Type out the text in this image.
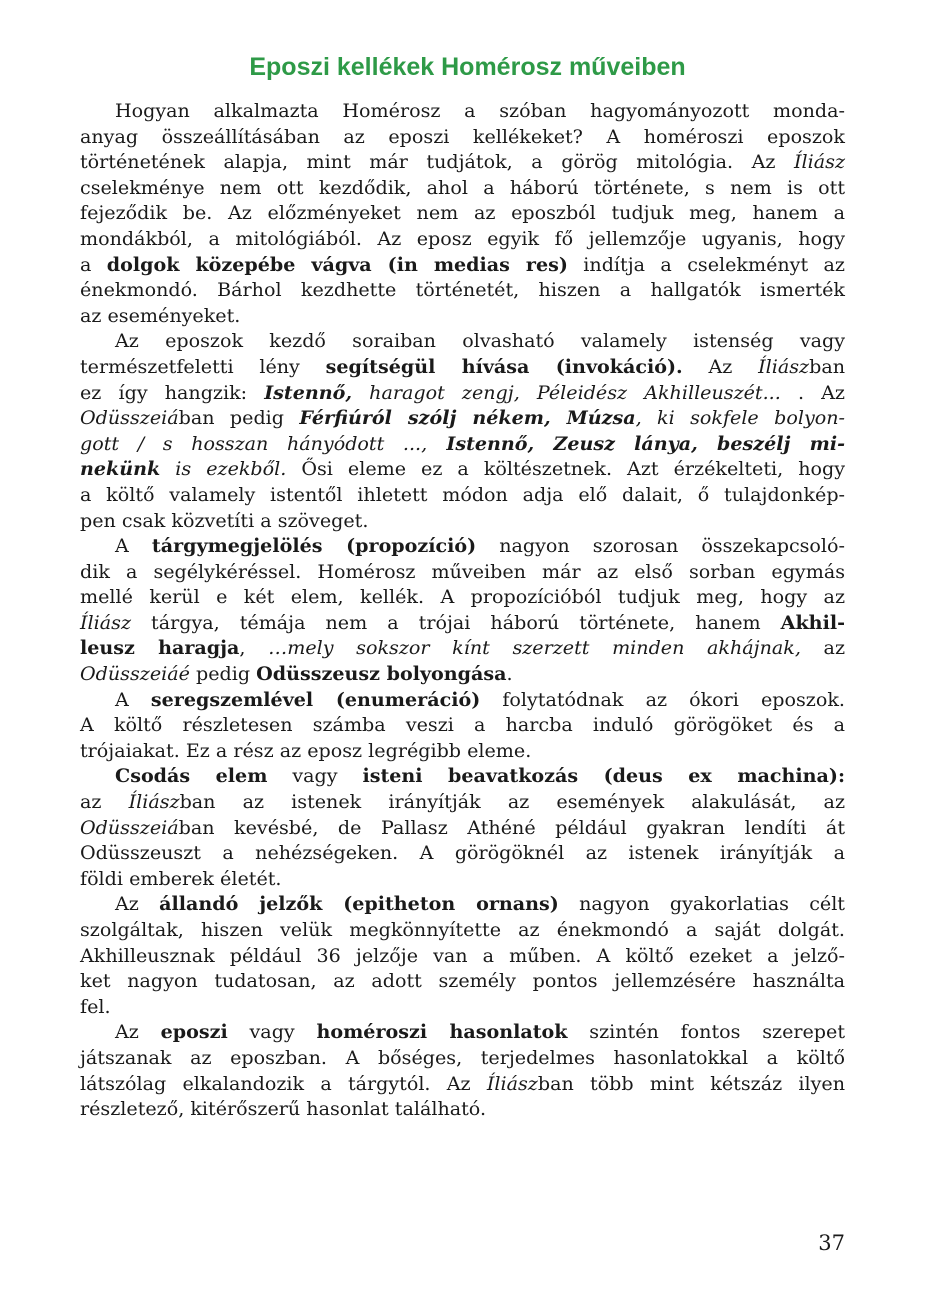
Eposzi kellékek Homérosz műveiben
Hogyan alkalmazta Homérosz a szóban hagyományozott monda-
anyag összeállításában az eposzi kellékeket? A homéroszi eposzok
történetének alapja, mint már tudjátok, a görög mitológia. Az Íliász
cselekménye nem ott kezdődik, ahol a háború története, s nem is ott
fejeződik be. Az előzményeket nem az eposzból tudjuk meg, hanem a
mondákból, a mitológiából. Az eposz egyik fő jellemzője ugyanis, hogy
a dolgok közepébe vágva (in medias res) indítja a cselekményt az
énekmondó. Bárhol kezdhette történetét, hiszen a hallgatók ismerték
az eseményeket.
Az eposzok kezdő soraiban olvasható valamely istenség vagy
természetfeletti lény segítségül hívása (invokáció). Az Íliászban
ez így hangzik: Istennő, haragot zengj, Péleidész Akhilleuszét... . Az
Odüsszeiában pedig Férfiúról szólj nékem, Múzsa, ki sokfele bolyon-
gott / s hosszan hányódott ..., Istennő, Zeusz lánya, beszélj mi-
nekünk is ezekből. Ősi eleme ez a költészetnek. Azt érzékelteti, hogy
a költő valamely istentől ihletett módon adja elő dalait, ő tulajdonkép-
pen csak közvetíti a szöveget.
A tárgymegjelölés (propozíció) nagyon szorosan összekapcsoló-
dik a segélykéréssel. Homérosz műveiben már az első sorban egymás
mellé kerül e két elem, kellék. A propozícióból tudjuk meg, hogy az
Íliász tárgya, témája nem a trójai háború története, hanem Akhil-
leusz haragja, …mely sokszor kínt szerzett minden akhájnak, az
Odüsszeiáé pedig Odüsszeusz bolyongása.
A seregszemlével (enumeráció) folytatódnak az ókori eposzok.
A költő részletesen számba veszi a harcba induló görögöket és a
trójaiakat. Ez a rész az eposz legrégibb eleme.
Csodás elem vagy isteni beavatkozás (deus ex machina):
az Íliászban az istenek irányítják az események alakulását, az
Odüsszeiában kevésbé, de Pallasz Athéné például gyakran lendíti át
Odüsszeuszt a nehézségeken. A görögöknél az istenek irányítják a
földi emberek életét.
Az állandó jelzők (epitheton ornans) nagyon gyakorlatias célt
szolgáltak, hiszen velük megkönnyítette az énekmondó a saját dolgát.
Akhilleusznak például 36 jelzője van a műben. A költő ezeket a jelző-
ket nagyon tudatosan, az adott személy pontos jellemzésére használta
fel.
Az eposzi vagy homéroszi hasonlatok szintén fontos szerepet
játszanak az eposzban. A bőséges, terjedelmes hasonlatokkal a költő
látszólag elkalandozik a tárgytól. Az Íliászban több mint kétszáz ilyen
részletező, kitérőszerű hasonlat található.
37
